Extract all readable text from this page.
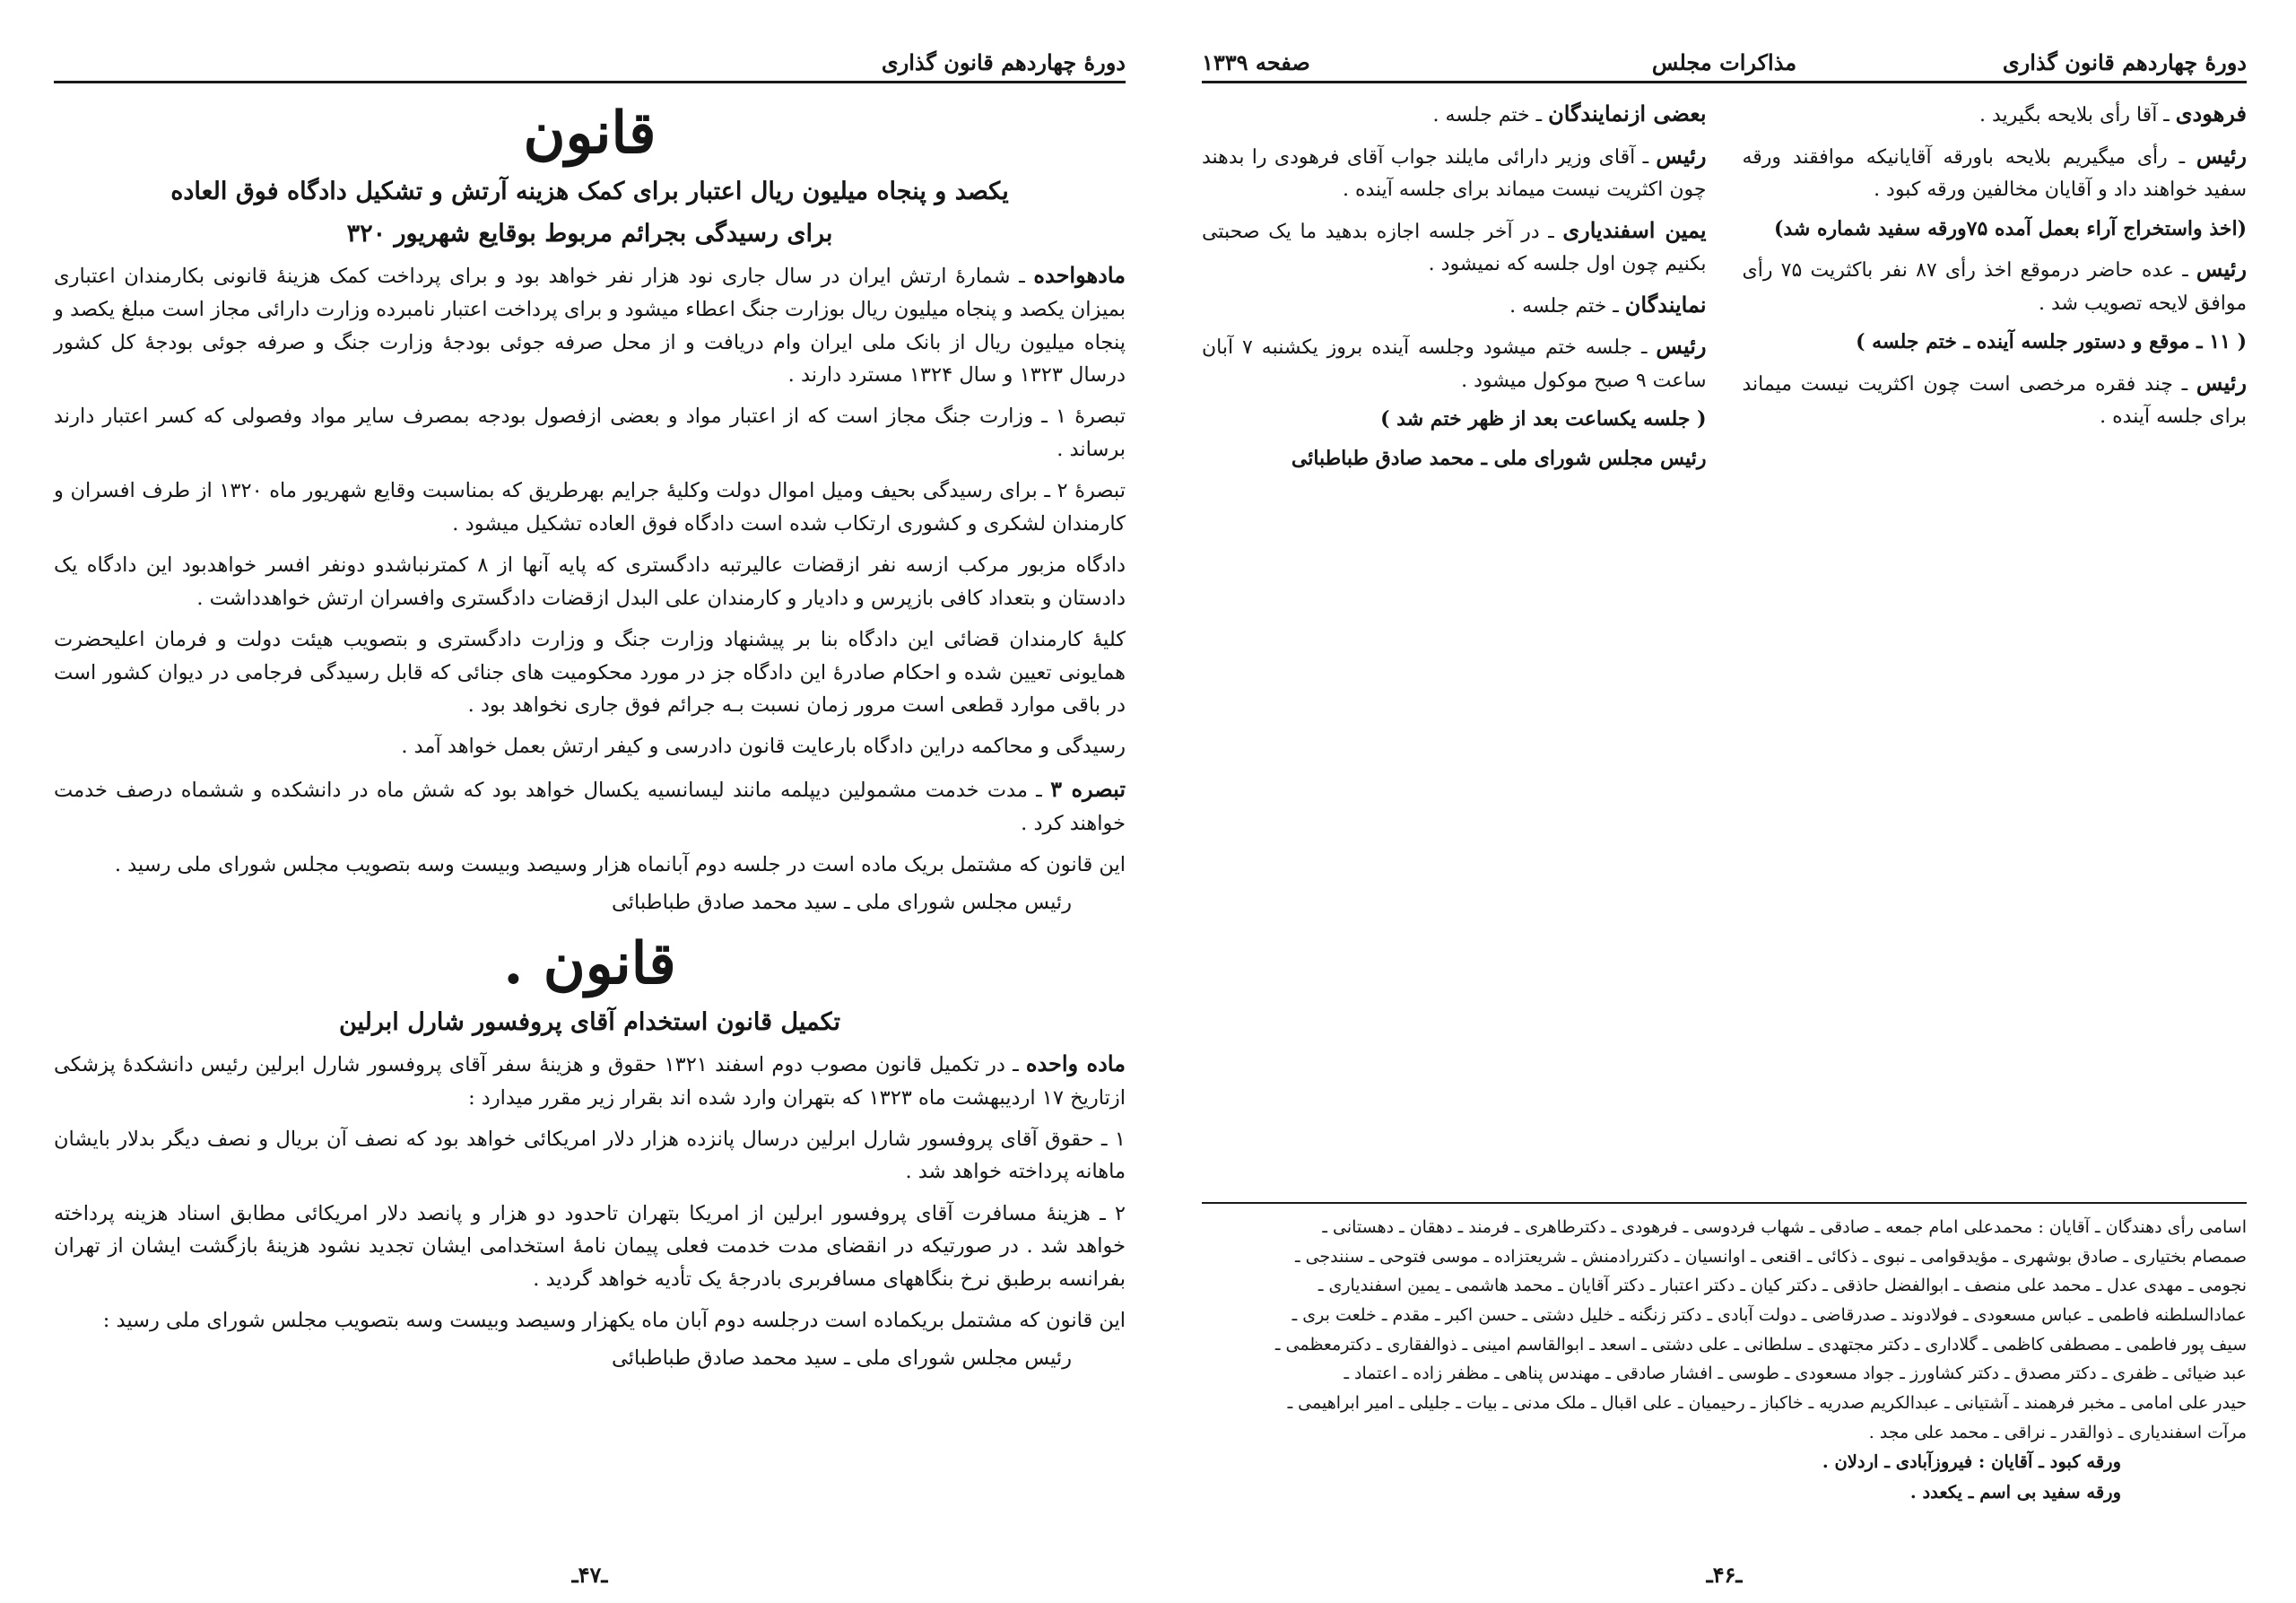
دورۀ چهاردهم قانون گذاری
قانون
یکصد و پنجاه میلیون ریال اعتبار برای کمک هزینه آرتش و تشکیل دادگاه فوق العاده
برای رسیدگی بجرائم مربوط بوقایع شهریور ۳۲۰
مادهواحده ـ شمارۀ ارتش ایران در سال جاری نود هزار نفر خواهد بود و برای پرداخت کمک هزینۀ قانونی بکارمندان اعتباری بمیزان یکصد و پنجاه میلیون ریال بوزارت جنگ اعطاء میشود و برای پرداخت اعتبار نامبرده وزارت دارائی مجاز است مبلغ یکصد و پنجاه میلیون ریال از بانک ملی ایران وام دریافت و از محل صرفه جوئی بودجۀ وزارت جنگ و صرفه جوئی بودجۀ کل کشور درسال ۱۳۲۳ و سال ۱۳۲۴ مسترد دارند .
تبصرۀ ۱ ـ وزارت جنگ مجاز است که از اعتبار مواد و بعضی ازفصول بودجه بمصرف سایر مواد وفصولی که کسر اعتبار دارند برساند .
تبصرۀ ۲ ـ برای رسیدگی بحیف ومیل اموال دولت وکلیۀ جرایم بهرطریق که بمناسبت وقایع شهریور ماه ۱۳۲۰ از طرف افسران و کارمندان لشکری و کشوری ارتکاب شده است دادگاه فوق العاده تشکیل میشود .
دادگاه مزبور مرکب ازسه نفر ازقضات عالیرتبه دادگستری که پایه آنها از ۸ کمترنباشدو دونفر افسر خواهدبود این دادگاه یک دادستان و بتعداد کافی بازپرس و دادیار و کارمندان علی البدل ازقضات دادگستری وافسران ارتش خواهدداشت .
کلیۀ کارمندان قضائی این دادگاه بنا بر پیشنهاد وزارت جنگ و وزارت دادگستری و بتصویب هیئت دولت و فرمان اعلیحضرت همایونی تعیین شده و احکام صادرۀ این دادگاه جز در مورد محکومیت های جنائی که قابل رسیدگی فرجامی در دیوان کشور است در باقی موارد قطعی است مرور زمان نسبت بـه جرائم فوق جاری نخواهد بود .
رسیدگی و محاکمه دراین دادگاه بارعایت قانون دادرسی و کیفر ارتش بعمل خواهد آمد .
تبصره ۳ ـ مدت خدمت مشمولین دیپلمه مانند لیسانسیه یکسال خواهد بود که شش ماه در دانشکده و ششماه درصف خدمت خواهند کرد .
این قانون که مشتمل بریک ماده است در جلسه دوم آبانماه هزار وسیصد وبیست وسه بتصویب مجلس شورای ملی رسید .
رئیس مجلس شورای ملی ـ سید محمد صادق طباطبائی
قانون .
تکمیل قانون استخدام آقای پروفسور شارل ابرلین
ماده واحده ـ در تکمیل قانون مصوب دوم اسفند ۱۳۲۱ حقوق و هزینۀ سفر آقای پروفسور شارل ابرلین رئیس دانشکدۀ پزشکی ازتاریخ ۱۷ اردیبهشت ماه ۱۳۲۳ که بتهران وارد شده اند بقرار زیر مقرر میدارد :
۱ ـ حقوق آقای پروفسور شارل ابرلین درسال پانزده هزار دلار امریکائی خواهد بود که نصف آن بریال و نصف دیگر بدلار بایشان ماهانه پرداخته خواهد شد .
۲ ـ هزینۀ مسافرت آقای پروفسور ابرلین از امریکا بتهران تاحدود دو هزار و پانصد دلار امریکائی مطابق اسناد هزینه پرداخته خواهد شد . در صورتیکه در انقضای مدت خدمت فعلی پیمان نامۀ استخدامی ایشان تجدید نشود هزینۀ بازگشت ایشان از تهران بفرانسه برطبق نرخ بنگاههای مسافربری بادرجۀ یک تأدیه خواهد گردید .
این قانون که مشتمل بریکماده است درجلسه دوم آبان ماه یکهزار وسیصد وبیست وسه بتصویب مجلس شورای ملی رسید :
رئیس مجلس شورای ملی ـ سید محمد صادق طباطبائی
ـ۴۷ـ
دورۀ چهاردهم قانون گذاری
مذاکرات مجلس
صفحه ۱۳۳۹
فرهودی ـ آقا رأی بلایحه بگیرید .
رئیس ـ رأی میگیریم بلایحه باورقه آقایانیکه موافقند ورقه سفید خواهند داد و آقایان مخالفین ورقه کبود .
(اخذ واستخراج آراء بعمل آمده ۷۵ورقه سفید شماره شد)
رئیس ـ عده حاضر درموقع اخذ رأی ۸۷ نفر باکثریت ۷۵ رأی موافق لایحه تصویب شد .
( ۱۱ ـ موقع و دستور جلسه آینده ـ ختم جلسه )
رئیس ـ چند فقره مرخصی است چون اکثریت نیست میماند برای جلسه آینده .
بعضی ازنمایندگان ـ ختم جلسه .
رئیس ـ آقای وزیر دارائی مایلند جواب آقای فرهودی را بدهند چون اکثریت نیست میماند برای جلسه آینده .
یمین اسفندیاری ـ در آخر جلسه اجازه بدهید ما یک صحبتی بکنیم چون اول جلسه که نمیشود .
نمایندگان ـ ختم جلسه .
رئیس ـ جلسه ختم میشود وجلسه آینده بروز یکشنبه ۷ آبان ساعت ۹ صبح موکول میشود .
( جلسه یکساعت بعد از ظهر ختم شد )
رئیس مجلس شورای ملی ـ محمد صادق طباطبائی
اسامی رأی دهندگان ـ آقایان : محمدعلی امام جمعه ـ صادقی ـ شهاب فردوسی ـ فرهودی ـ دکترطاهری ـ فرمند ـ دهقان ـ دهستانی ـ
صمصام بختیاری ـ صادق بوشهری ـ مؤیدقوامی ـ نبوی ـ ذکائی ـ اقنعی ـ اوانسیان ـ دکتررادمنش ـ شریعتزاده ـ موسی فتوحی ـ سنندجی ـ
نجومی ـ مهدی عدل ـ محمد علی منصف ـ ابوالفضل حاذقی ـ دکتر کیان ـ دکتر اعتبار ـ دکتر آقایان ـ محمد هاشمی ـ یمین اسفندیاری ـ
عمادالسلطنه فاطمی ـ عباس مسعودی ـ فولادوند ـ صدرقاضی ـ دولت آبادی ـ دکتر زنگنه ـ خلیل دشتی ـ حسن اکبر ـ مقدم ـ خلعت بری ـ
سیف پور فاطمی ـ مصطفی کاظمی ـ گلاداری ـ دکتر مجتهدی ـ سلطانی ـ علی دشتی ـ اسعد ـ ابوالقاسم امینی ـ ذوالفقاری ـ دکترمعظمی ـ
عبد ضیائی ـ ظفری ـ دکتر مصدق ـ دکتر کشاورز ـ جواد مسعودی ـ طوسی ـ افشار صادقی ـ مهندس پناهی ـ مظفر زاده ـ اعتماد ـ
حیدر علی امامی ـ مخبر فرهمند ـ آشتیانی ـ عبدالکریم صدریه ـ خاکباز ـ رحیمیان ـ علی اقبال ـ ملک مدنی ـ بیات ـ جلیلی ـ امیر ابراهیمی ـ
مرآت اسفندیاری ـ ذوالقدر ـ نراقی ـ محمد علی مجد .
ورقه کبود ـ آقایان : فیروزآبادی ـ اردلان .
ورقه سفید بی اسم ـ یکعدد .
ـ۴۶ـ
